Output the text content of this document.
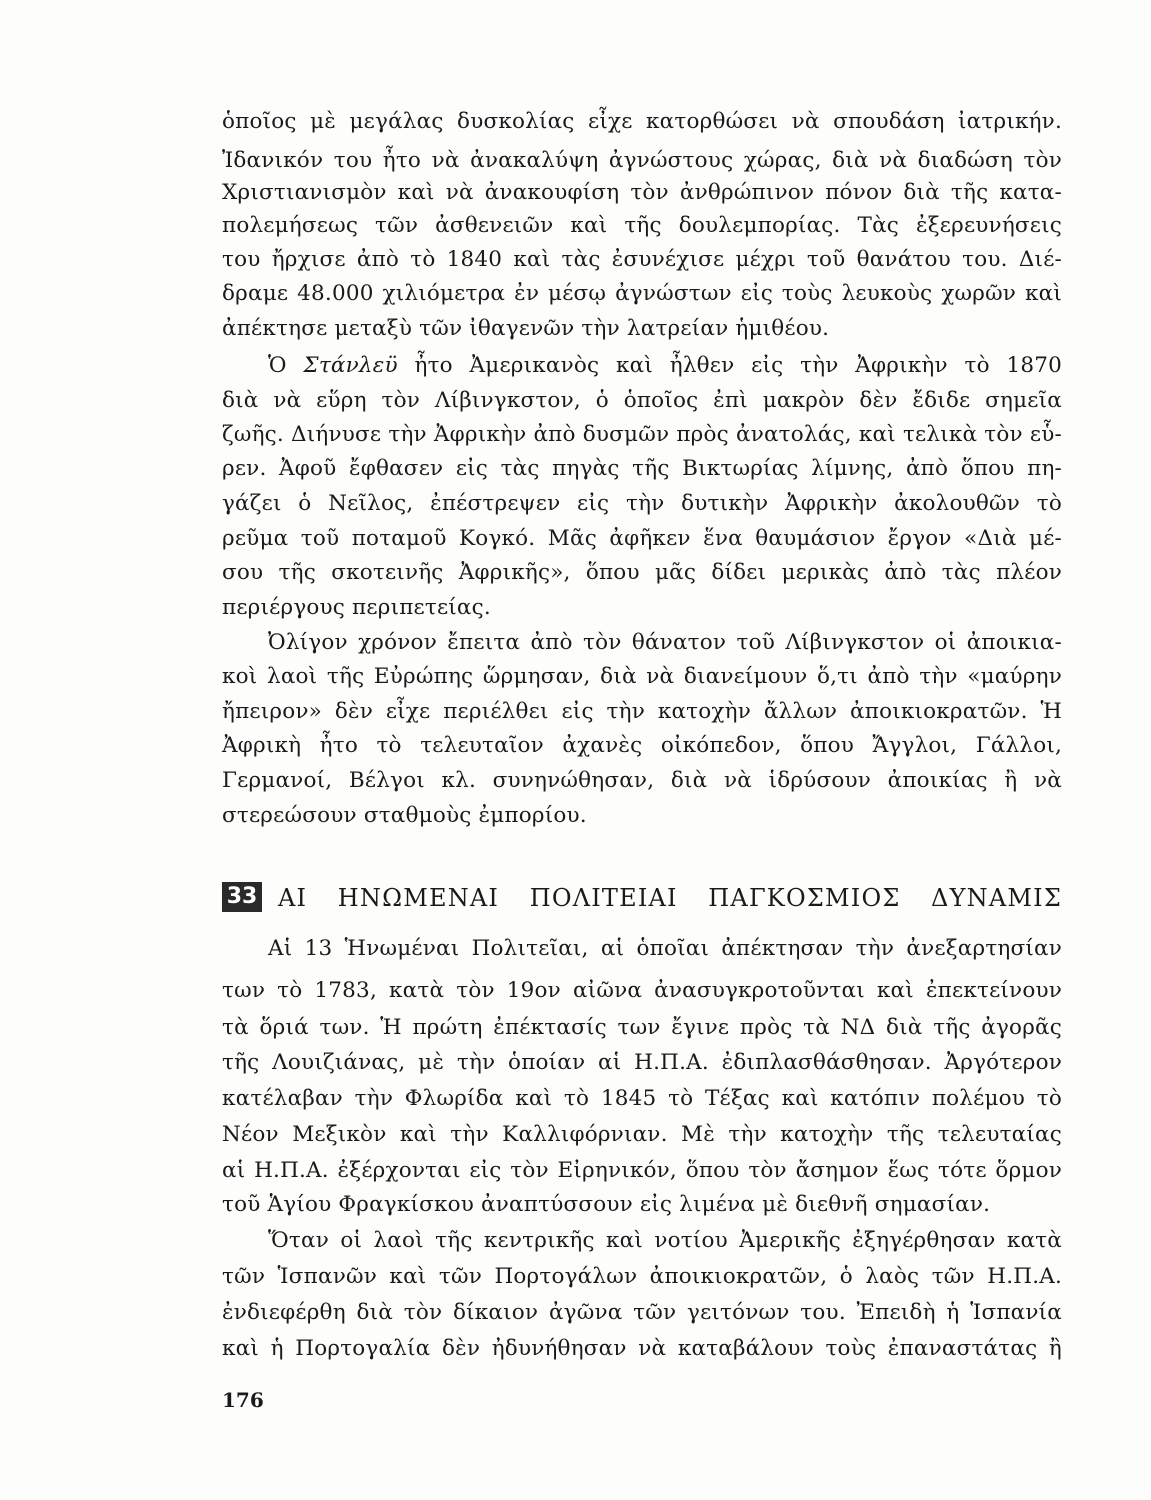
ὁποῖος μὲ μεγάλας δυσκολίας εἶχε κατορθώσει νὰ σπουδάση ἰατρικήν.
Ἰδανικόν του ἦτο νὰ ἀνακαλύψη ἀγνώστους χώρας, διὰ νὰ διαδώση τὸν
Χριστιανισμὸν καὶ νὰ ἀνακουφίση τὸν ἀνθρώπινον πόνον διὰ τῆς κατα-
πολεμήσεως τῶν ἀσθενειῶν καὶ τῆς δουλεμπορίας. Τὰς ἐξερευνήσεις
του ἤρχισε ἀπὸ τὸ 1840 καὶ τὰς ἐσυνέχισε μέχρι τοῦ θανάτου του. Διέ-
δραμε 48.000 χιλιόμετρα ἐν μέσῳ ἀγνώστων εἰς τοὺς λευκοὺς χωρῶν καὶ
ἀπέκτησε μεταξὺ τῶν ἰθαγενῶν τὴν λατρείαν ἡμιθέου.
Ὁ Στάνλεϋ ἦτο Ἀμερικανὸς καὶ ἦλθεν εἰς τὴν Ἀφρικὴν τὸ 1870
διὰ νὰ εὕρη τὸν Λίβινγκστον, ὁ ὁποῖος ἐπὶ μακρὸν δὲν ἔδιδε σημεῖα
ζωῆς. Διήνυσε τὴν Ἀφρικὴν ἀπὸ δυσμῶν πρὸς ἀνατολάς, καὶ τελικὰ τὸν εὗ-
ρεν. Ἀφοῦ ἔφθασεν εἰς τὰς πηγὰς τῆς Βικτωρίας λίμνης, ἀπὸ ὅπου πη-
γάζει ὁ Νεῖλος, ἐπέστρεψεν εἰς τὴν δυτικὴν Ἀφρικὴν ἀκολουθῶν τὸ
ρεῦμα τοῦ ποταμοῦ Κογκό. Μᾶς ἀφῆκεν ἕνα θαυμάσιον ἔργον «Διὰ μέ-
σου τῆς σκοτεινῆς Ἀφρικῆς», ὅπου μᾶς δίδει μερικὰς ἀπὸ τὰς πλέον
περιέργους περιπετείας.
Ὀλίγον χρόνον ἔπειτα ἀπὸ τὸν θάνατον τοῦ Λίβινγκστον οἱ ἀποικια-
κοὶ λαοὶ τῆς Εὐρώπης ὥρμησαν, διὰ νὰ διανείμουν ὅ,τι ἀπὸ τὴν «μαύρην
ἤπειρον» δὲν εἶχε περιέλθει εἰς τὴν κατοχὴν ἄλλων ἀποικιοκρατῶν. Ἡ
Ἀφρικὴ ἦτο τὸ τελευταῖον ἀχανὲς οἰκόπεδον, ὅπου Ἄγγλοι, Γάλλοι,
Γερμανοί, Βέλγοι κλ. συνηνώθησαν, διὰ νὰ ἱδρύσουν ἀποικίας ἢ νὰ
στερεώσουν σταθμοὺς ἐμπορίου.
33 ΑΙ ΗΝΩΜΕΝΑΙ ΠΟΛΙΤΕΙΑΙ ΠΑΓΚΟΣΜΙΟΣ ΔΥΝΑΜΙΣ
Αἱ 13 Ἡνωμέναι Πολιτεῖαι, αἱ ὁποῖαι ἀπέκτησαν τὴν ἀνεξαρτησίαν
των τὸ 1783, κατὰ τὸν 19ον αἰῶνα ἀνασυγκροτοῦνται καὶ ἐπεκτείνουν
τὰ ὅριά των. Ἡ πρώτη ἐπέκτασίς των ἔγινε πρὸς τὰ ΝΔ διὰ τῆς ἀγορᾶς
τῆς Λουιζιάνας, μὲ τὴν ὁποίαν αἱ Η.Π.Α. ἐδιπλασθάσθησαν. Ἀργότερον
κατέλαβαν τὴν Φλωρίδα καὶ τὸ 1845 τὸ Τέξας καὶ κατόπιν πολέμου τὸ
Νέον Μεξικὸν καὶ τὴν Καλλιφόρνιαν. Μὲ τὴν κατοχὴν τῆς τελευταίας
αἱ Η.Π.Α. ἐξέρχονται εἰς τὸν Εἰρηνικόν, ὅπου τὸν ἄσημον ἕως τότε ὅρμον
τοῦ Ἁγίου Φραγκίσκου ἀναπτύσσουν εἰς λιμένα μὲ διεθνῆ σημασίαν.
Ὅταν οἱ λαοὶ τῆς κεντρικῆς καὶ νοτίου Ἀμερικῆς ἐξηγέρθησαν κατὰ
τῶν Ἱσπανῶν καὶ τῶν Πορτογάλων ἀποικιοκρατῶν, ὁ λαὸς τῶν Η.Π.Α.
ἐνδιεφέρθη διὰ τὸν δίκαιον ἀγῶνα τῶν γειτόνων του. Ἐπειδὴ ἡ Ἱσπανία
καὶ ἡ Πορτογαλία δὲν ἠδυνήθησαν νὰ καταβάλουν τοὺς ἐπαναστάτας ἢ
176
